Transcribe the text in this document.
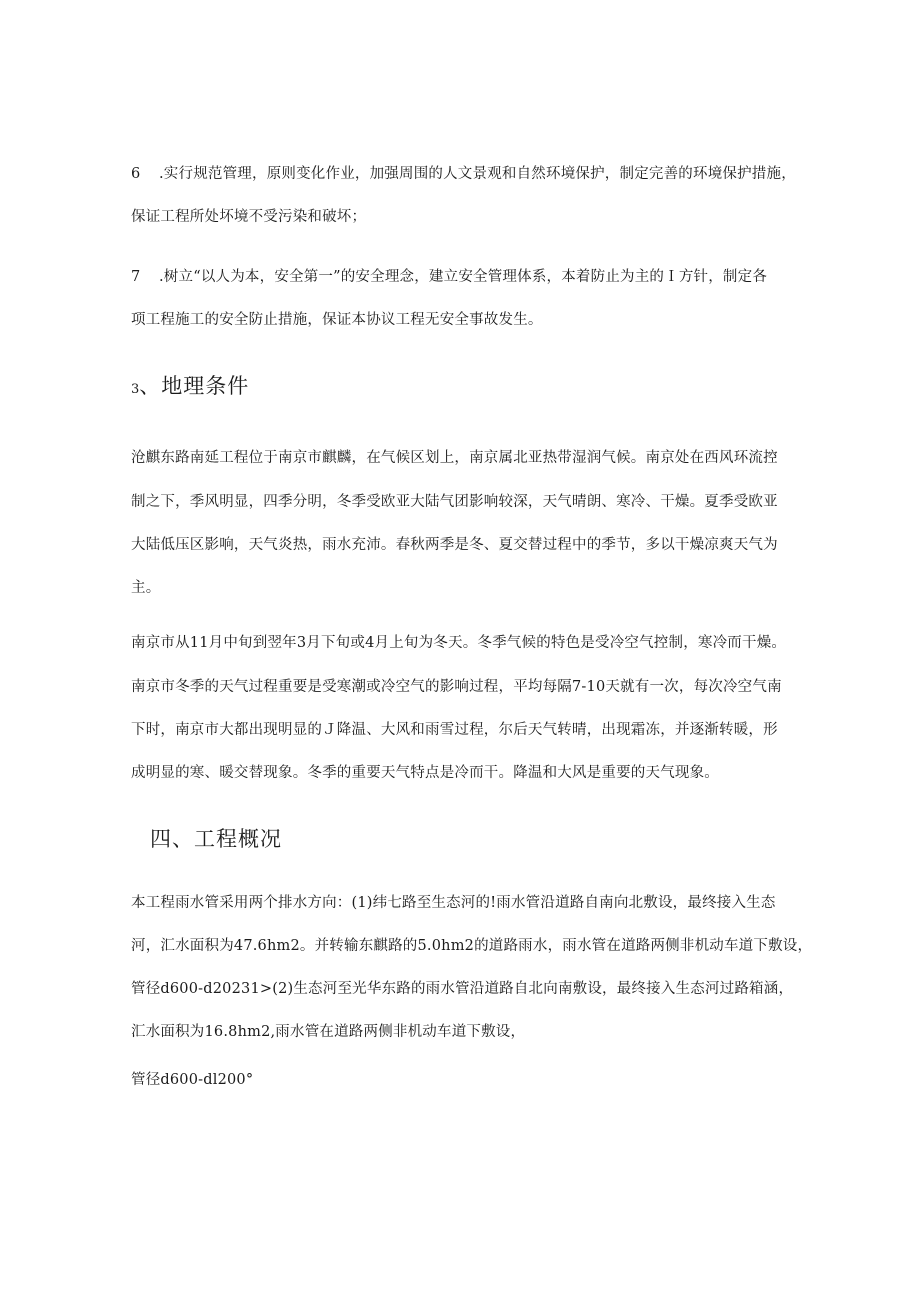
6 .实行规范管理，原则变化作业，加强周围的人文景观和自然环境保护，制定完善的环境保护措施，
保证工程所处坏境不受污染和破坏；
7 .树立“以人为本，安全第一”的安全理念，建立安全管理体系，本着防止为主的Ｉ方针，制定各
项工程施工的安全防止措施，保证本协议工程无安全事故发生。
3、地理条件
沧麒东路南延工程位于南京市麒麟，在气候区划上，南京属北亚热带湿润气候。南京处在西风环流控
制之下，季风明显，四季分明，冬季受欧亚大陆气团影响较深，天气晴朗、寒冷、干燥。夏季受欧亚
大陆低压区影响，天气炎热，雨水充沛。春秋两季是冬、夏交替过程中的季节，多以干燥凉爽天气为
主。
南京市从11月中旬到翌年3月下旬或4月上旬为冬天。冬季气候的特色是受冷空气控制，寒冷而干燥。
南京市冬季的天气过程重要是受寒潮或冷空气的影响过程，平均每隔7-10天就有一次，每次冷空气南
下时，南京市大都出现明显的Ｊ降温、大风和雨雪过程，尔后天气转晴，出现霜冻，并逐渐转暖，形
成明显的寒、暖交替现象。冬季的重要天气特点是冷而干。降温和大风是重要的天气现象。
四、工程概况
本工程雨水管采用两个排水方向：(1)纬七路至生态河的!雨水管沿道路自南向北敷设，最终接入生态
河，汇水面积为47.6hm2。并转输东麒路的5.0hm2的道路雨水，雨水管在道路两侧非机动车道下敷设，
管径d600-d20231>(2)生态河至光华东路的雨水管沿道路自北向南敷设，最终接入生态河过路箱涵，
汇水面积为16.8hm2,雨水管在道路两侧非机动车道下敷设，
管径d600-dl200°
